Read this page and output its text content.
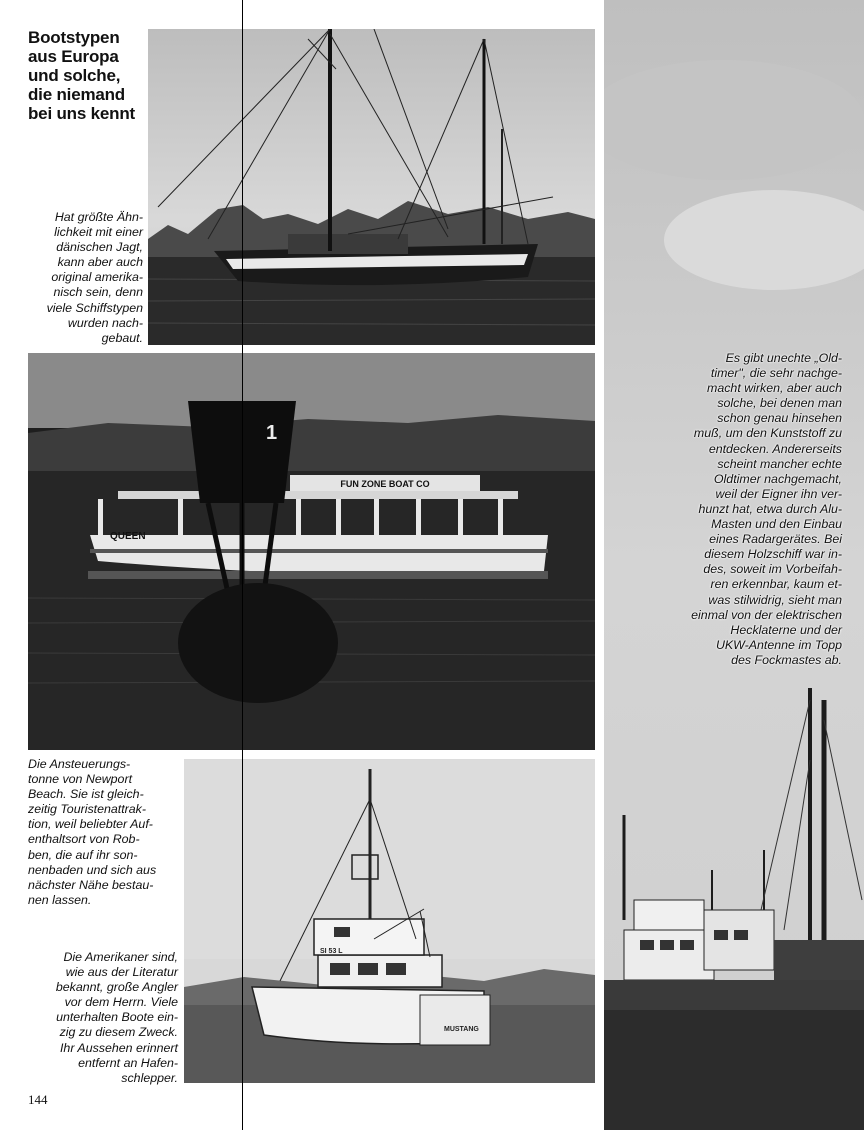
Bootstypen
aus Europa
und solche,
die niemand
bei uns kennt
Hat größte Ähn-
lichkeit mit einer
dänischen Jagt,
kann aber auch
original amerika-
nisch sein, denn
viele Schiffstypen
wurden nach-
gebaut.
FUN ZONE BOAT CO
QUEEN
1
Die Ansteuerungs-
tonne von Newport
Beach. Sie ist gleich-
zeitig Touristenattrak-
tion, weil beliebter Auf-
enthaltsort von Rob-
ben, die auf ihr son-
nenbaden und sich aus
nächster Nähe bestau-
nen lassen.
MUSTANG
SI 53 L
Die Amerikaner sind,
wie aus der Literatur
bekannt, große Angler
vor dem Herrn. Viele
unterhalten Boote ein-
zig zu diesem Zweck.
Ihr Aussehen erinnert
entfernt an Hafen-
schlepper.
Es gibt unechte „Old-
timer", die sehr nachge-
macht wirken, aber auch
solche, bei denen man
schon genau hinsehen
muß, um den Kunststoff zu
entdecken. Andererseits
scheint mancher echte
Oldtimer nachgemacht,
weil der Eigner ihn ver-
hunzt hat, etwa durch Alu-
Masten und den Einbau
eines Radargerätes. Bei
diesem Holzschiff war in-
des, soweit im Vorbeifah-
ren erkennbar, kaum et-
was stilwidrig, sieht man
einmal von der elektrischen
Hecklaterne und der
UKW-Antenne im Topp
des Fockmastes ab.
144
